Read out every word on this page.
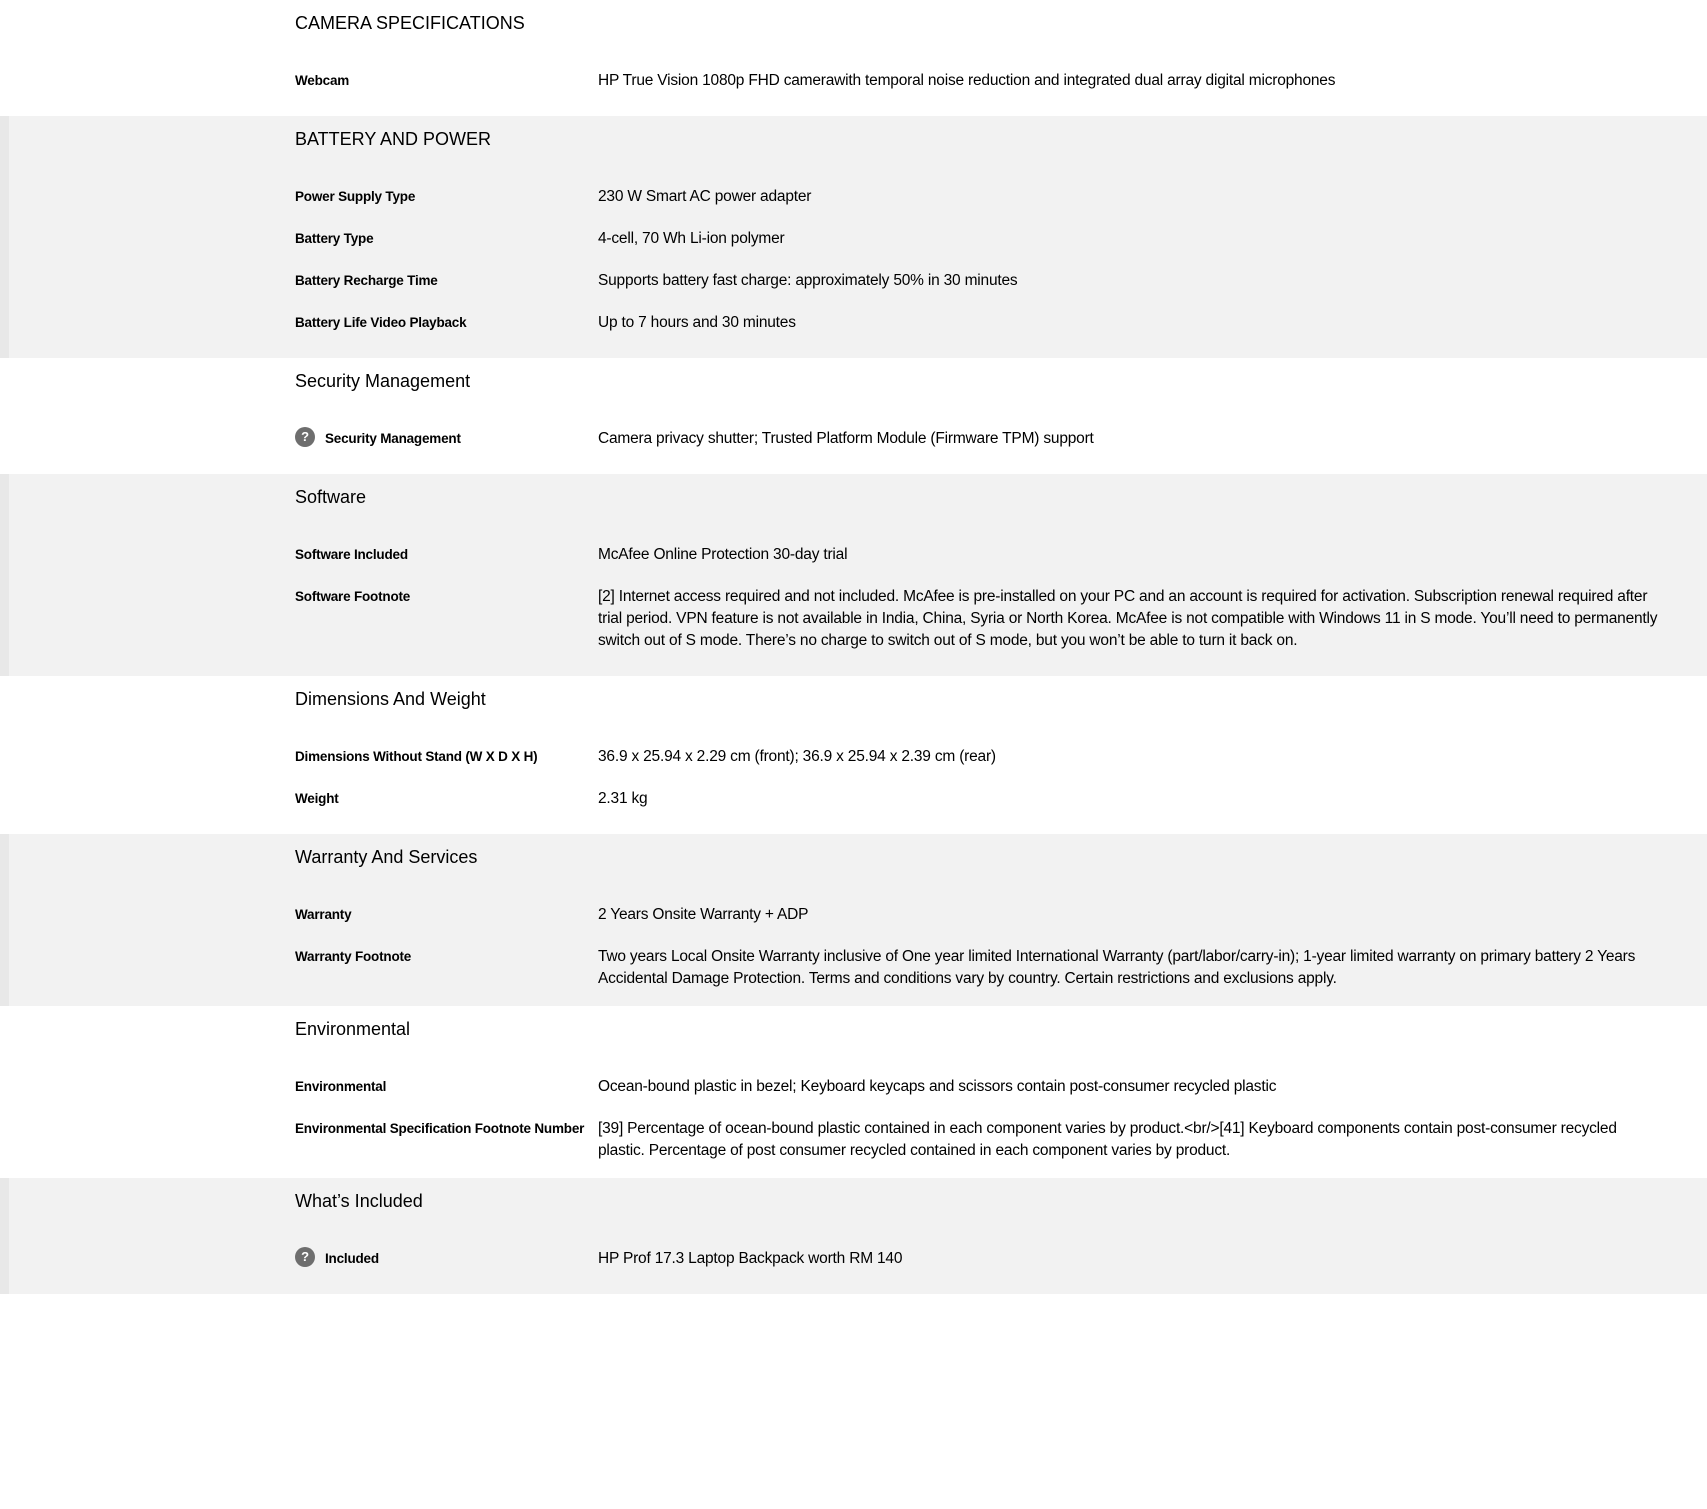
CAMERA SPECIFICATIONS
Webcam	HP True Vision 1080p FHD camerawith temporal noise reduction and integrated dual array digital microphones
BATTERY AND POWER
Power Supply Type	230 W Smart AC power adapter
Battery Type	4-cell, 70 Wh Li-ion polymer
Battery Recharge Time	Supports battery fast charge: approximately 50% in 30 minutes
Battery Life Video Playback	Up to 7 hours and 30 minutes
Security Management
?	Security Management	Camera privacy shutter; Trusted Platform Module (Firmware TPM) support
Software
Software Included	McAfee Online Protection 30-day trial
Software Footnote	[2] Internet access required and not included. McAfee is pre-installed on your PC and an account is required for activation. Subscription renewal required after trial period. VPN feature is not available in India, China, Syria or North Korea. McAfee is not compatible with Windows 11 in S mode. You’ll need to permanently switch out of S mode. There’s no charge to switch out of S mode, but you won’t be able to turn it back on.
Dimensions And Weight
Dimensions Without Stand (W X D X H)	36.9 x 25.94 x 2.29 cm (front); 36.9 x 25.94 x 2.39 cm (rear)
Weight	2.31 kg
Warranty And Services
Warranty	2 Years Onsite Warranty + ADP
Warranty Footnote	Two years Local Onsite Warranty inclusive of One year limited International Warranty (part/labor/carry-in); 1-year limited warranty on primary battery 2 Years Accidental Damage Protection. Terms and conditions vary by country. Certain restrictions and exclusions apply.
Environmental
Environmental	Ocean-bound plastic in bezel; Keyboard keycaps and scissors contain post-consumer recycled plastic
Environmental Specification Footnote Number [39] Percentage of ocean-bound plastic contained in each component varies by product.<br/>[41] Keyboard components contain post-consumer recycled plastic. Percentage of post consumer recycled contained in each component varies by product.
What’s Included
?	Included	HP Prof 17.3 Laptop Backpack worth RM 140
